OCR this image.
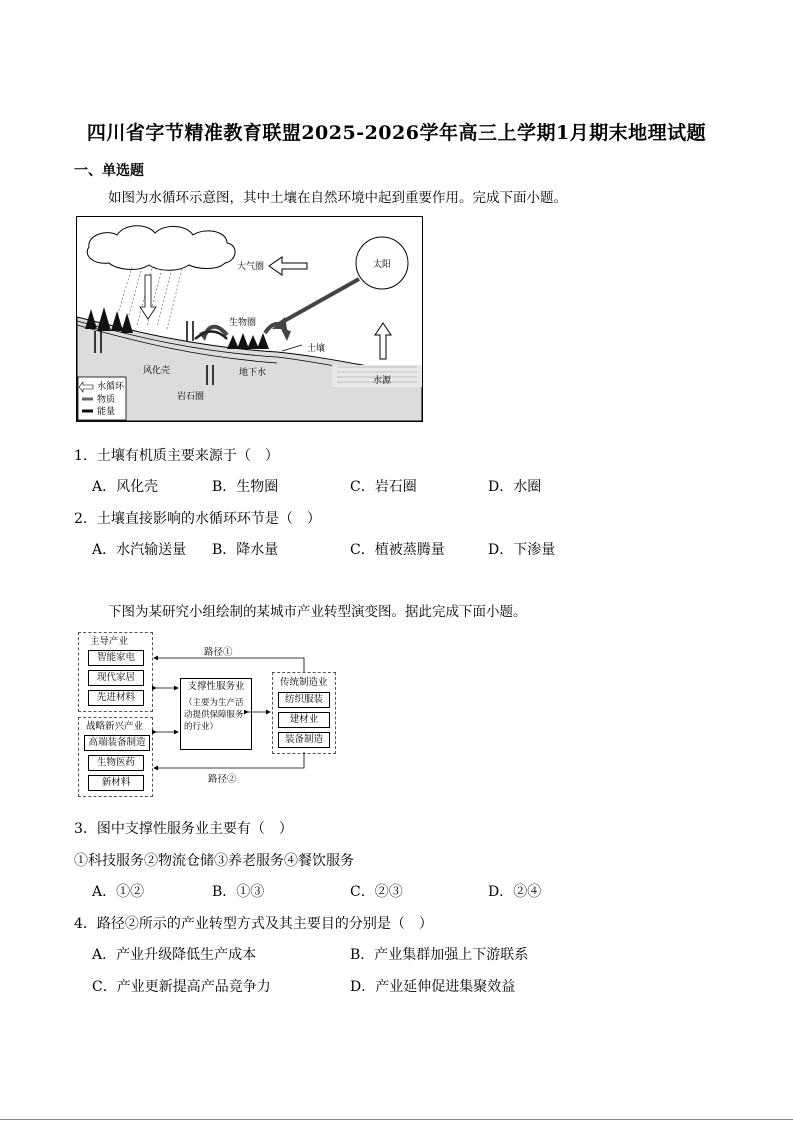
四川省字节精准教育联盟2025-2026学年高三上学期1月期末地理试题
一、单选题
如图为水循环示意图，其中土壤在自然环境中起到重要作用。完成下面小题。
大气圈	太阳
生物圈
土壤
风化壳	地下水
水源
岩石圈
水循环
物质
能量
1．土壤有机质主要来源于（　）
A．风化壳	B．生物圈	C．岩石圈	D．水圈
2．土壤直接影响的水循环环节是（　）
A．水汽输送量 B．降水量	C．植被蒸腾量	D．下渗量
下图为某研究小组绘制的某城市产业转型演变图。据此完成下面小题。
主导产业
智能家电
现代家居
先进材料
战略新兴产业
高端装备制造
生物医药
新材料
支撑性服务业
（主要为生产活动提供保障服务的行业）
传统制造业
纺织服装
建材业
装备制造
路径①
路径②
3．图中支撑性服务业主要有（　）
①科技服务②物流仓储③养老服务④餐饮服务
A．①②	B．①③	C．②③	D．②④
4．路径②所示的产业转型方式及其主要目的分别是（　）
A．产业升级降低生产成本	B．产业集群加强上下游联系
C．产业更新提高产品竞争力	D．产业延伸促进集聚效益
